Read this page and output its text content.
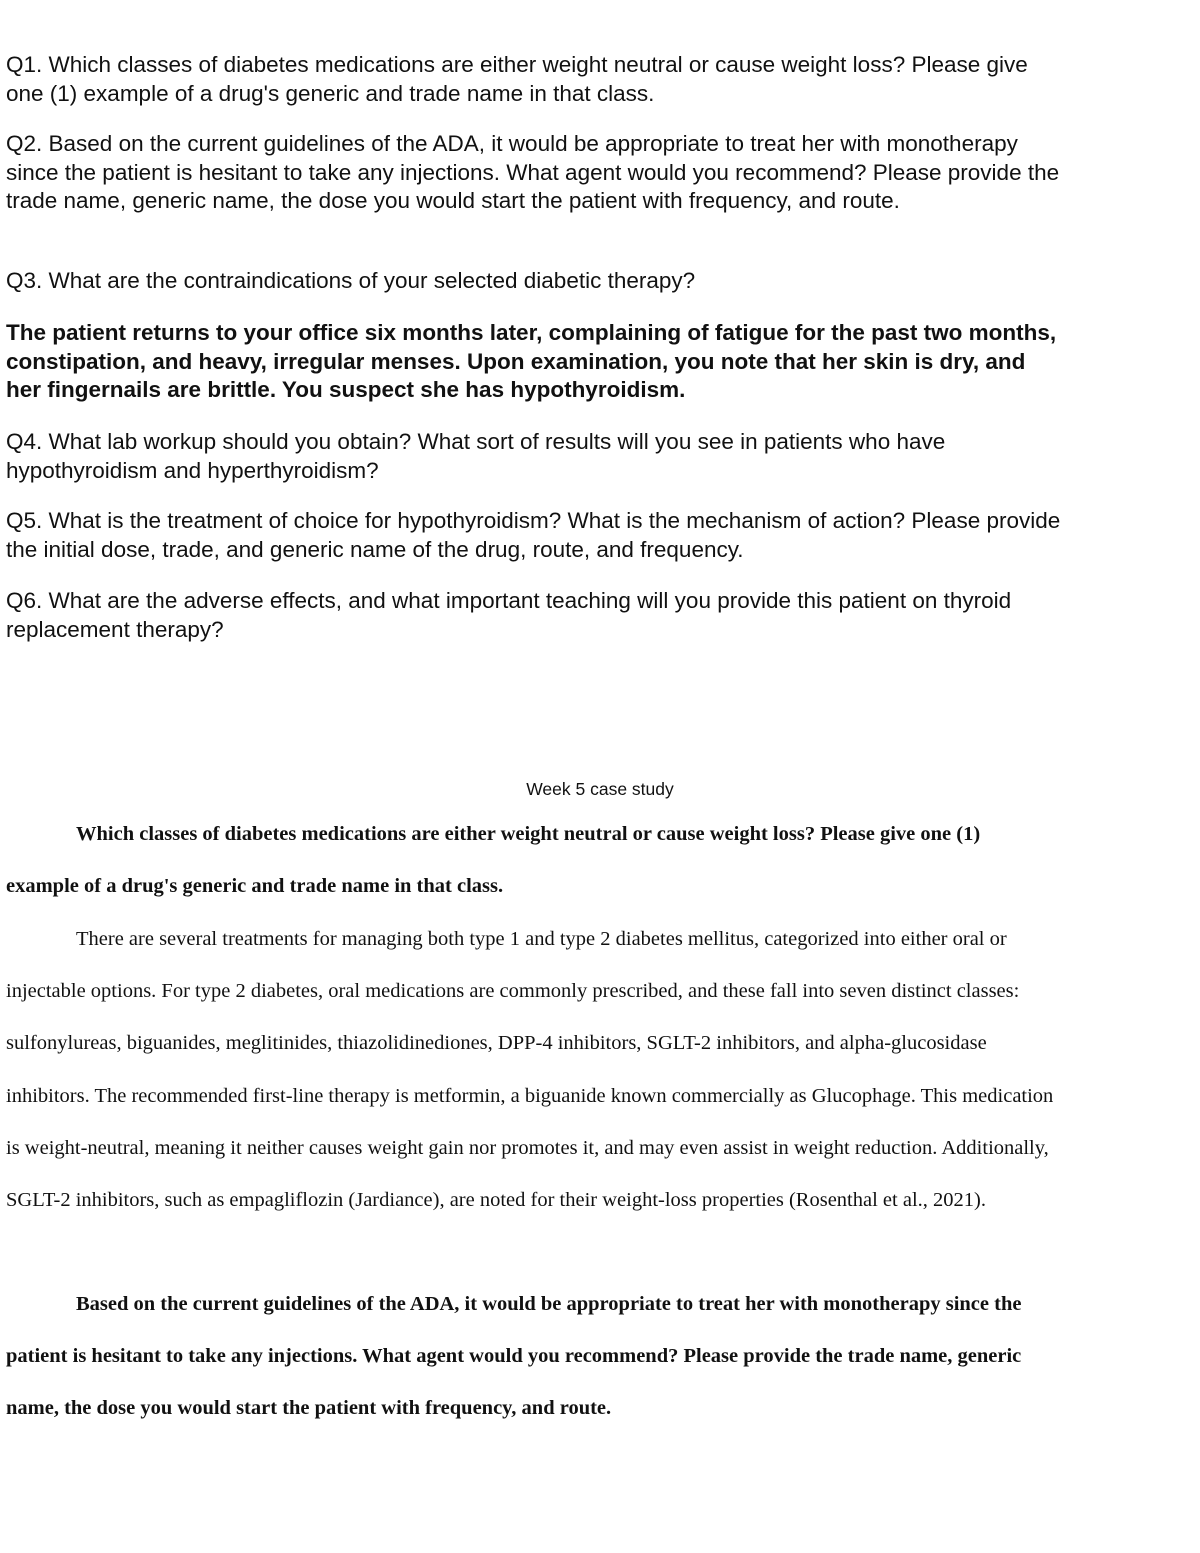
Q1. Which classes of diabetes medications are either weight neutral or cause weight loss? Please give one (1) example of a drug's generic and trade name in that class.

Q2. Based on the current guidelines of the ADA, it would be appropriate to treat her with monotherapy since the patient is hesitant to take any injections. What agent would you recommend? Please provide the trade name, generic name, the dose you would start the patient with frequency, and route.

Q3. What are the contraindications of your selected diabetic therapy?

The patient returns to your office six months later, complaining of fatigue for the past two months, constipation, and heavy, irregular menses. Upon examination, you note that her skin is dry, and her fingernails are brittle. You suspect she has hypothyroidism.

Q4. What lab workup should you obtain? What sort of results will you see in patients who have hypothyroidism and hyperthyroidism?

Q5. What is the treatment of choice for hypothyroidism? What is the mechanism of action? Please provide the initial dose, trade, and generic name of the drug, route, and frequency.

Q6. What are the adverse effects, and what important teaching will you provide this patient on thyroid replacement therapy?

Week 5 case study

Which classes of diabetes medications are either weight neutral or cause weight loss? Please give one (1) example of a drug's generic and trade name in that class.

There are several treatments for managing both type 1 and type 2 diabetes mellitus, categorized into either oral or injectable options. For type 2 diabetes, oral medications are commonly prescribed, and these fall into seven distinct classes: sulfonylureas, biguanides, meglitinides, thiazolidinediones, DPP-4 inhibitors, SGLT-2 inhibitors, and alpha-glucosidase inhibitors. The recommended first-line therapy is metformin, a biguanide known commercially as Glucophage. This medication is weight-neutral, meaning it neither causes weight gain nor promotes it, and may even assist in weight reduction. Additionally, SGLT-2 inhibitors, such as empagliflozin (Jardiance), are noted for their weight-loss properties (Rosenthal et al., 2021).

Based on the current guidelines of the ADA, it would be appropriate to treat her with monotherapy since the patient is hesitant to take any injections. What agent would you recommend? Please provide the trade name, generic name, the dose you would start the patient with frequency, and route.
